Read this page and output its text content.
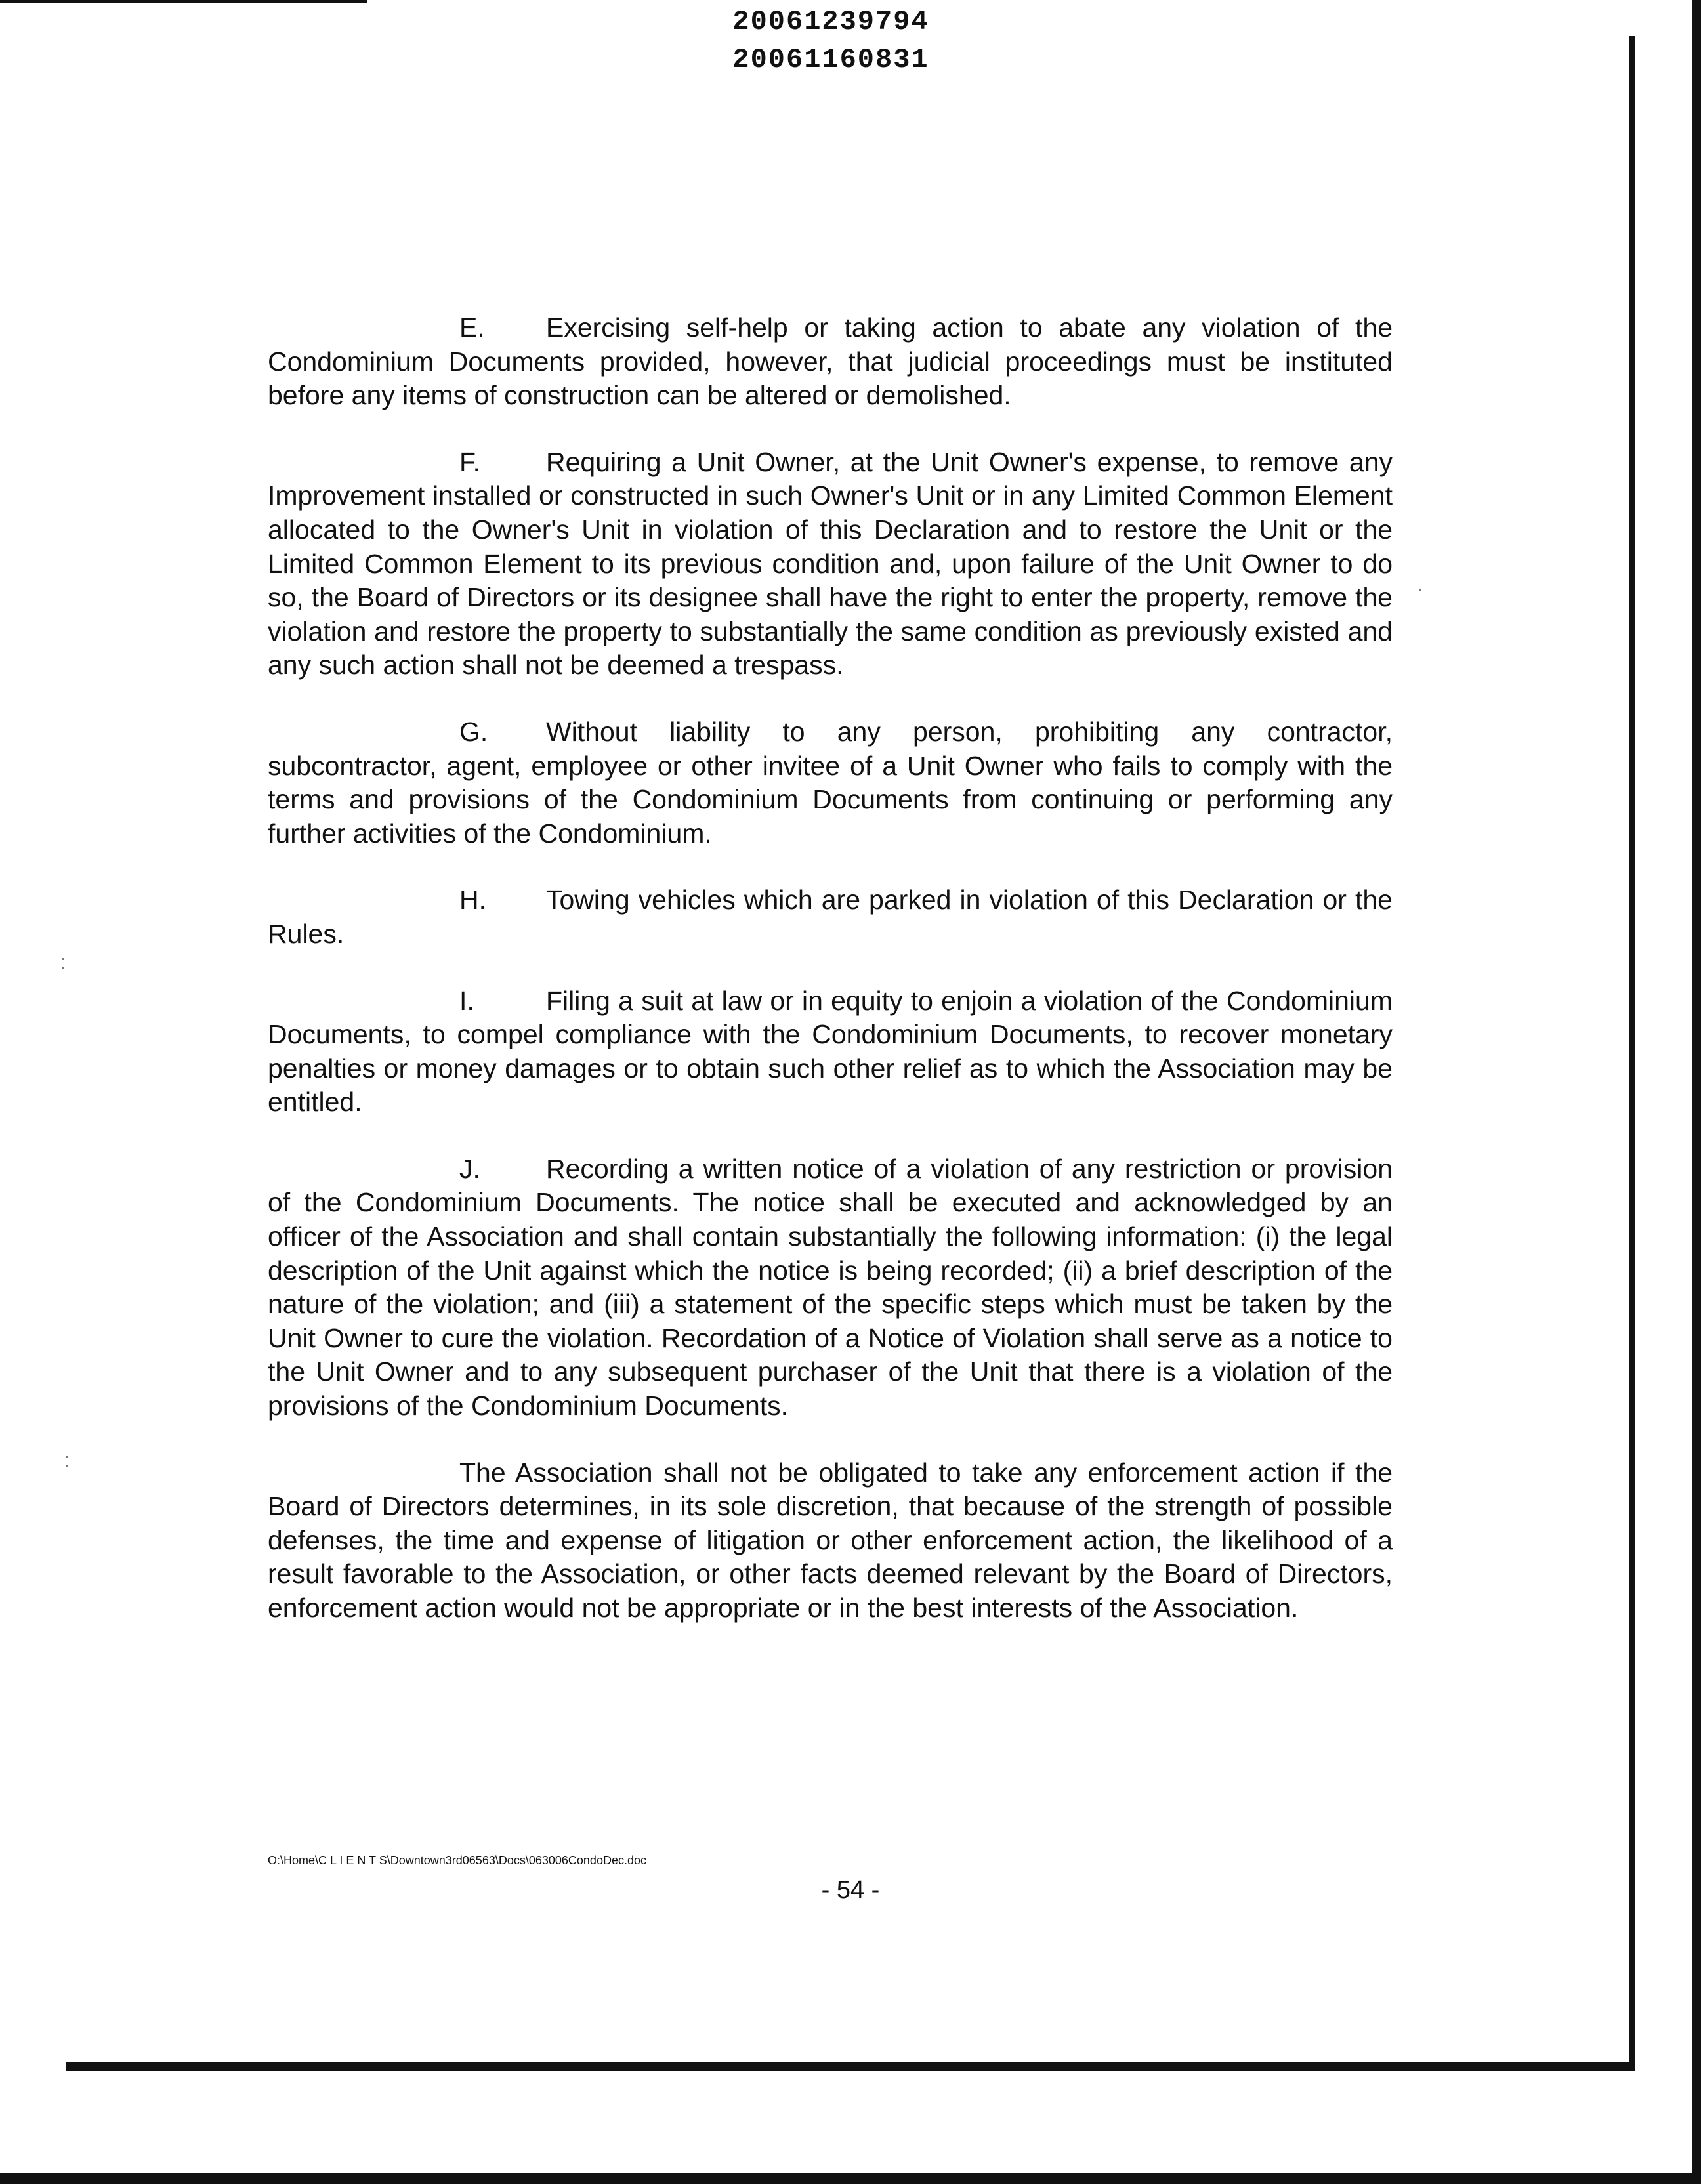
20061239794
20061160831

E. Exercising self-help or taking action to abate any violation of the Condominium Documents provided, however, that judicial proceedings must be instituted before any items of construction can be altered or demolished.

F. Requiring a Unit Owner, at the Unit Owner's expense, to remove any Improvement installed or constructed in such Owner's Unit or in any Limited Common Element allocated to the Owner's Unit in violation of this Declaration and to restore the Unit or the Limited Common Element to its previous condition and, upon failure of the Unit Owner to do so, the Board of Directors or its designee shall have the right to enter the property, remove the violation and restore the property to substantially the same condition as previously existed and any such action shall not be deemed a trespass.

G. Without liability to any person, prohibiting any contractor, subcontractor, agent, employee or other invitee of a Unit Owner who fails to comply with the terms and provisions of the Condominium Documents from continuing or performing any further activities of the Condominium.

H. Towing vehicles which are parked in violation of this Declaration or the Rules.

I.	Filing a suit at law or in equity to enjoin a violation of the Condominium Documents, to compel compliance with the Condominium Documents, to recover monetary penalties or money damages or to obtain such other relief as to which the Association may be entitled.

J. Recording a written notice of a violation of any restriction or provision of the Condominium Documents. The notice shall be executed and acknowledged by an officer of the Association and shall contain substantially the following information: (i) the legal description of the Unit against which the notice is being recorded; (ii) a brief description of the nature of the violation; and (iii) a statement of the specific steps which must be taken by the Unit Owner to cure the violation. Recordation of a Notice of Violation shall serve as a notice to the Unit Owner and to any subsequent purchaser of the Unit that there is a violation of the provisions of the Condominium Documents.

The Association shall not be obligated to take any enforcement action if the Board of Directors determines, in its sole discretion, that because of the strength of possible defenses, the time and expense of litigation or other enforcement action, the likelihood of a result favorable to the Association, or other facts deemed relevant by the Board of Directors, enforcement action would not be appropriate or in the best interests of the Association.

O:\Home\C L I E N T S\Downtown3rd06563\Docs\063006CondoDec.doc
- 54 -
